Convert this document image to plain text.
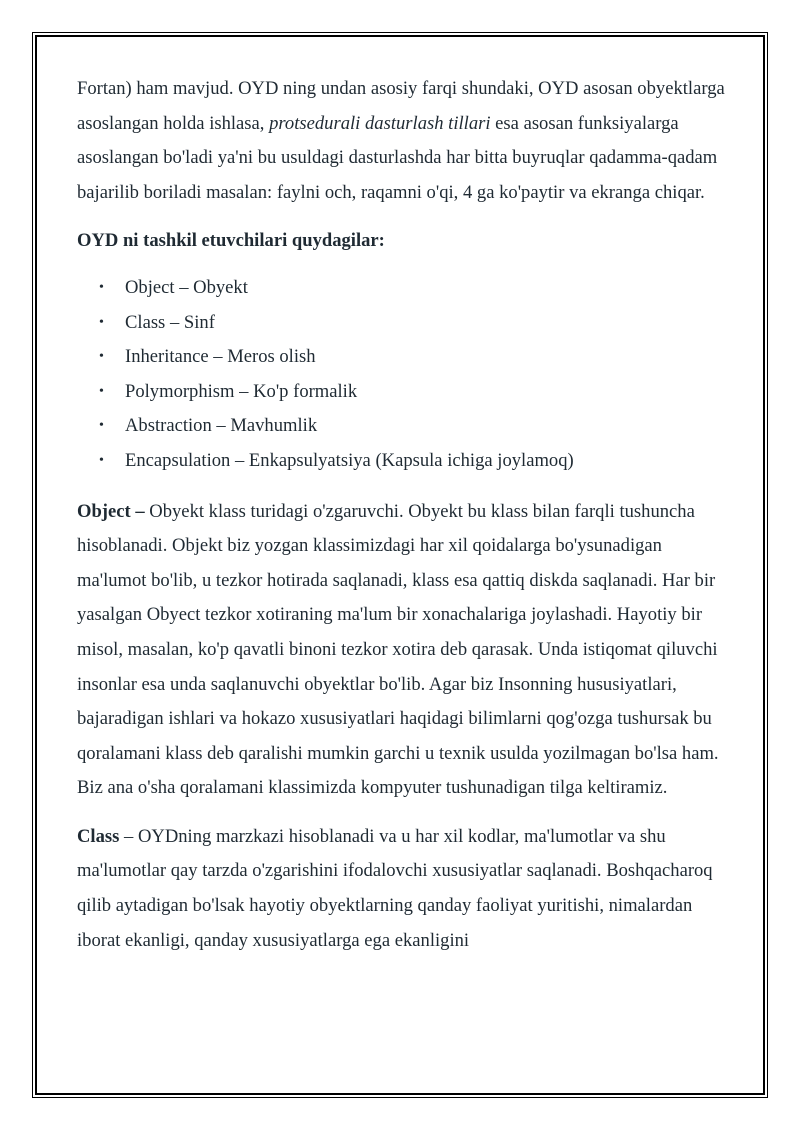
Fortan) ham mavjud. OYD ning undan asosiy farqi shundaki, OYD asosan obyektlarga asoslangan holda ishlasa, protsedurali dasturlash tillari esa asosan funksiyalarga asoslangan bo'ladi ya'ni bu usuldagi dasturlashda har bitta buyruqlar qadamma-qadam bajarilib boriladi masalan: faylni och, raqamni o'qi, 4 ga ko'paytir va ekranga chiqar.

OYD ni tashkil etuvchilari quydagilar:

• Object – Obyekt
• Class – Sinf
• Inheritance – Meros olish
• Polymorphism – Ko'p formalik
• Abstraction – Mavhumlik
• Encapsulation – Enkapsulyatsiya (Kapsula ichiga joylamoq)

Object – Obyekt klass turidagi o'zgaruvchi. Obyekt bu klass bilan farqli tushuncha hisoblanadi. Objekt biz yozgan klassimizdagi har xil qoidalarga bo'ysunadigan ma'lumot bo'lib, u tezkor hotirada saqlanadi, klass esa qattiq diskda saqlanadi. Har bir yasalgan Obyect tezkor xotiraning ma'lum bir xonachalariga joylashadi. Hayotiy bir misol, masalan, ko'p qavatli binoni tezkor xotira deb qarasak. Unda istiqomat qiluvchi insonlar esa unda saqlanuvchi obyektlar bo'lib. Agar biz Insonning hususiyatlari, bajaradigan ishlari va hokazo xususiyatlari haqidagi bilimlarni qog'ozga tushursak bu qoralamani klass deb qaralishi mumkin garchi u texnik usulda yozilmagan bo'lsa ham. Biz ana o'sha qoralamani klassimizda kompyuter tushunadigan tilga keltiramiz.

Class – OYDning marzkazi hisoblanadi va u har xil kodlar, ma'lumotlar va shu ma'lumotlar qay tarzda o'zgarishini ifodalovchi xususiyatlar saqlanadi. Boshqacharoq qilib aytadigan bo'lsak hayotiy obyektlarning qanday faoliyat yuritishi, nimalardan iborat ekanligi, qanday xususiyatlarga ega ekanligini
